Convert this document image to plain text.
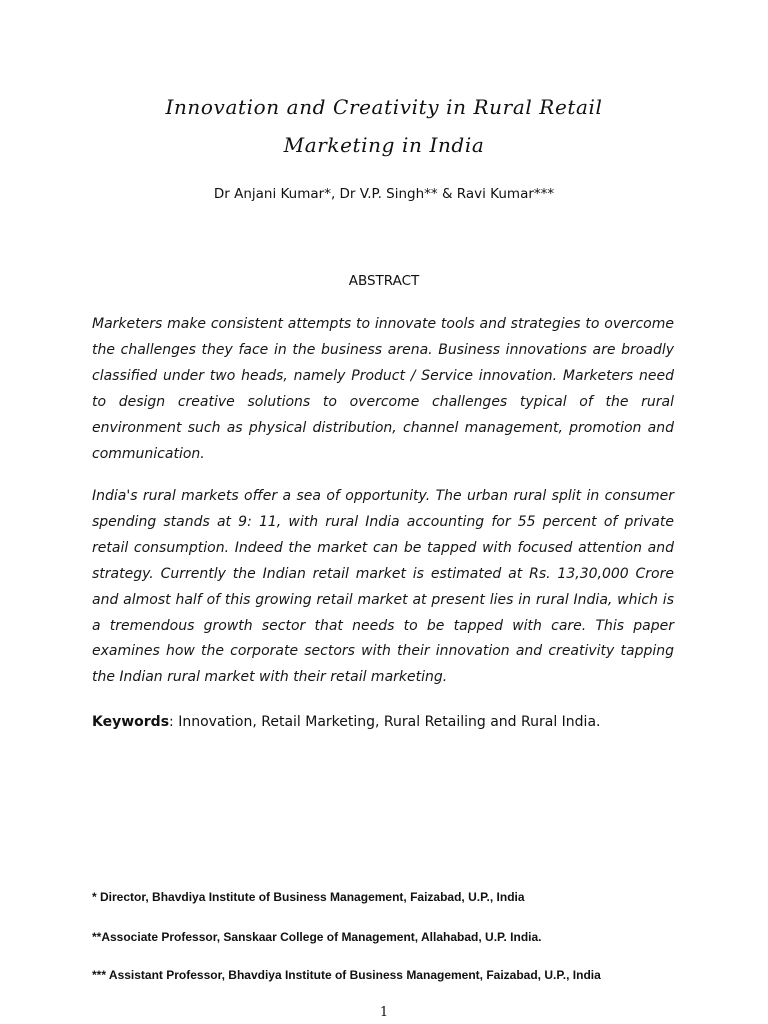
Innovation and Creativity in Rural Retail
Marketing in India
Dr Anjani Kumar*, Dr V.P. Singh** & Ravi Kumar***
ABSTRACT

Marketers make consistent attempts to innovate tools and strategies to overcome the challenges they face in the business arena. Business innovations are broadly classified under two heads, namely Product / Service innovation. Marketers need to design creative solutions to overcome challenges typical of the rural environment such as physical distribution, channel management, promotion and communication.

India's rural markets offer a sea of opportunity. The urban rural split in consumer spending stands at 9: 11, with rural India accounting for 55 percent of private retail consumption. Indeed the market can be tapped with focused attention and strategy. Currently the Indian retail market is estimated at Rs. 13,30,000 Crore and almost half of this growing retail market at present lies in rural India, which is a tremendous growth sector that needs to be tapped with care. This paper examines how the corporate sectors with their innovation and creativity tapping the Indian rural market with their retail marketing.

Keywords: Innovation, Retail Marketing, Rural Retailing and Rural India.
* Director, Bhavdiya Institute of Business Management, Faizabad, U.P., India
**Associate Professor, Sanskaar College of Management, Allahabad, U.P. India.
*** Assistant Professor, Bhavdiya Institute of Business Management, Faizabad, U.P., India
1
